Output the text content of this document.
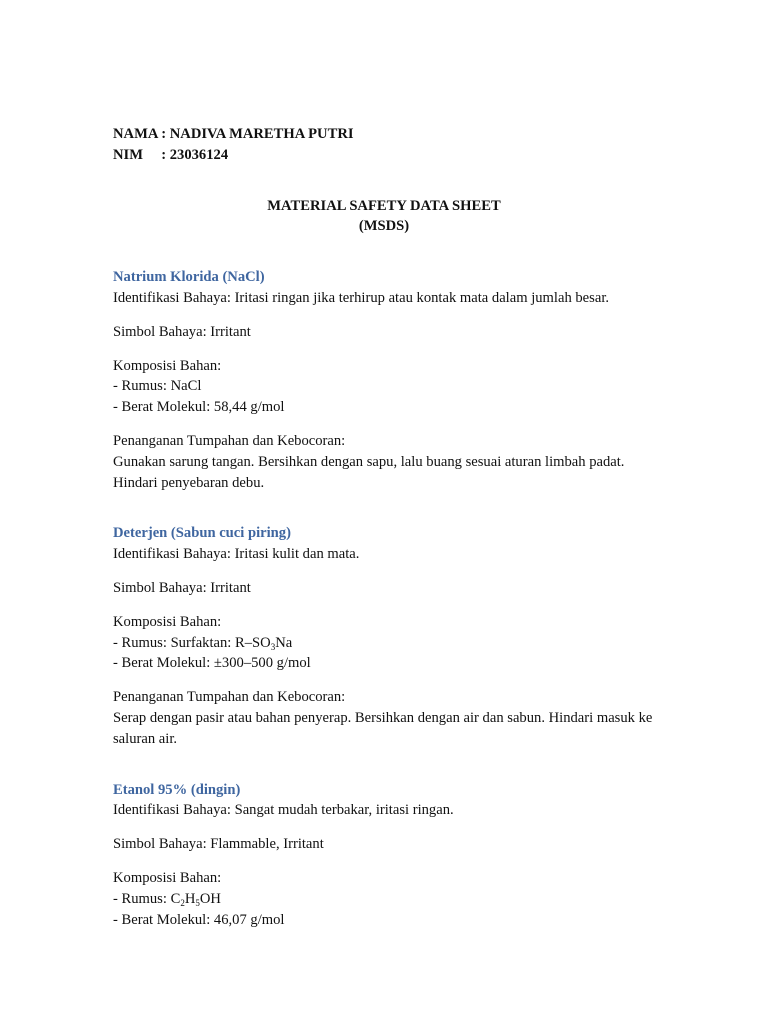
NAMA : NADIVA MARETHA PUTRI
NIM     : 23036124
MATERIAL SAFETY DATA SHEET
(MSDS)
Natrium Klorida (NaCl)
Identifikasi Bahaya: Iritasi ringan jika terhirup atau kontak mata dalam jumlah besar.
Simbol Bahaya: Irritant
Komposisi Bahan:
- Rumus: NaCl
- Berat Molekul: 58,44 g/mol
Penanganan Tumpahan dan Kebocoran:
Gunakan sarung tangan. Bersihkan dengan sapu, lalu buang sesuai aturan limbah padat. Hindari penyebaran debu.
Deterjen (Sabun cuci piring)
Identifikasi Bahaya: Iritasi kulit dan mata.
Simbol Bahaya: Irritant
Komposisi Bahan:
- Rumus: Surfaktan: $R-SO_3Na$
- Berat Molekul: ±300–500 g/mol
Penanganan Tumpahan dan Kebocoran:
Serap dengan pasir atau bahan penyerap. Bersihkan dengan air dan sabun. Hindari masuk ke saluran air.
Etanol 95% (dingin)
Identifikasi Bahaya: Sangat mudah terbakar, iritasi ringan.
Simbol Bahaya: Flammable, Irritant
Komposisi Bahan:
- Rumus: $C_2H_5OH$
- Berat Molekul: 46,07 g/mol
